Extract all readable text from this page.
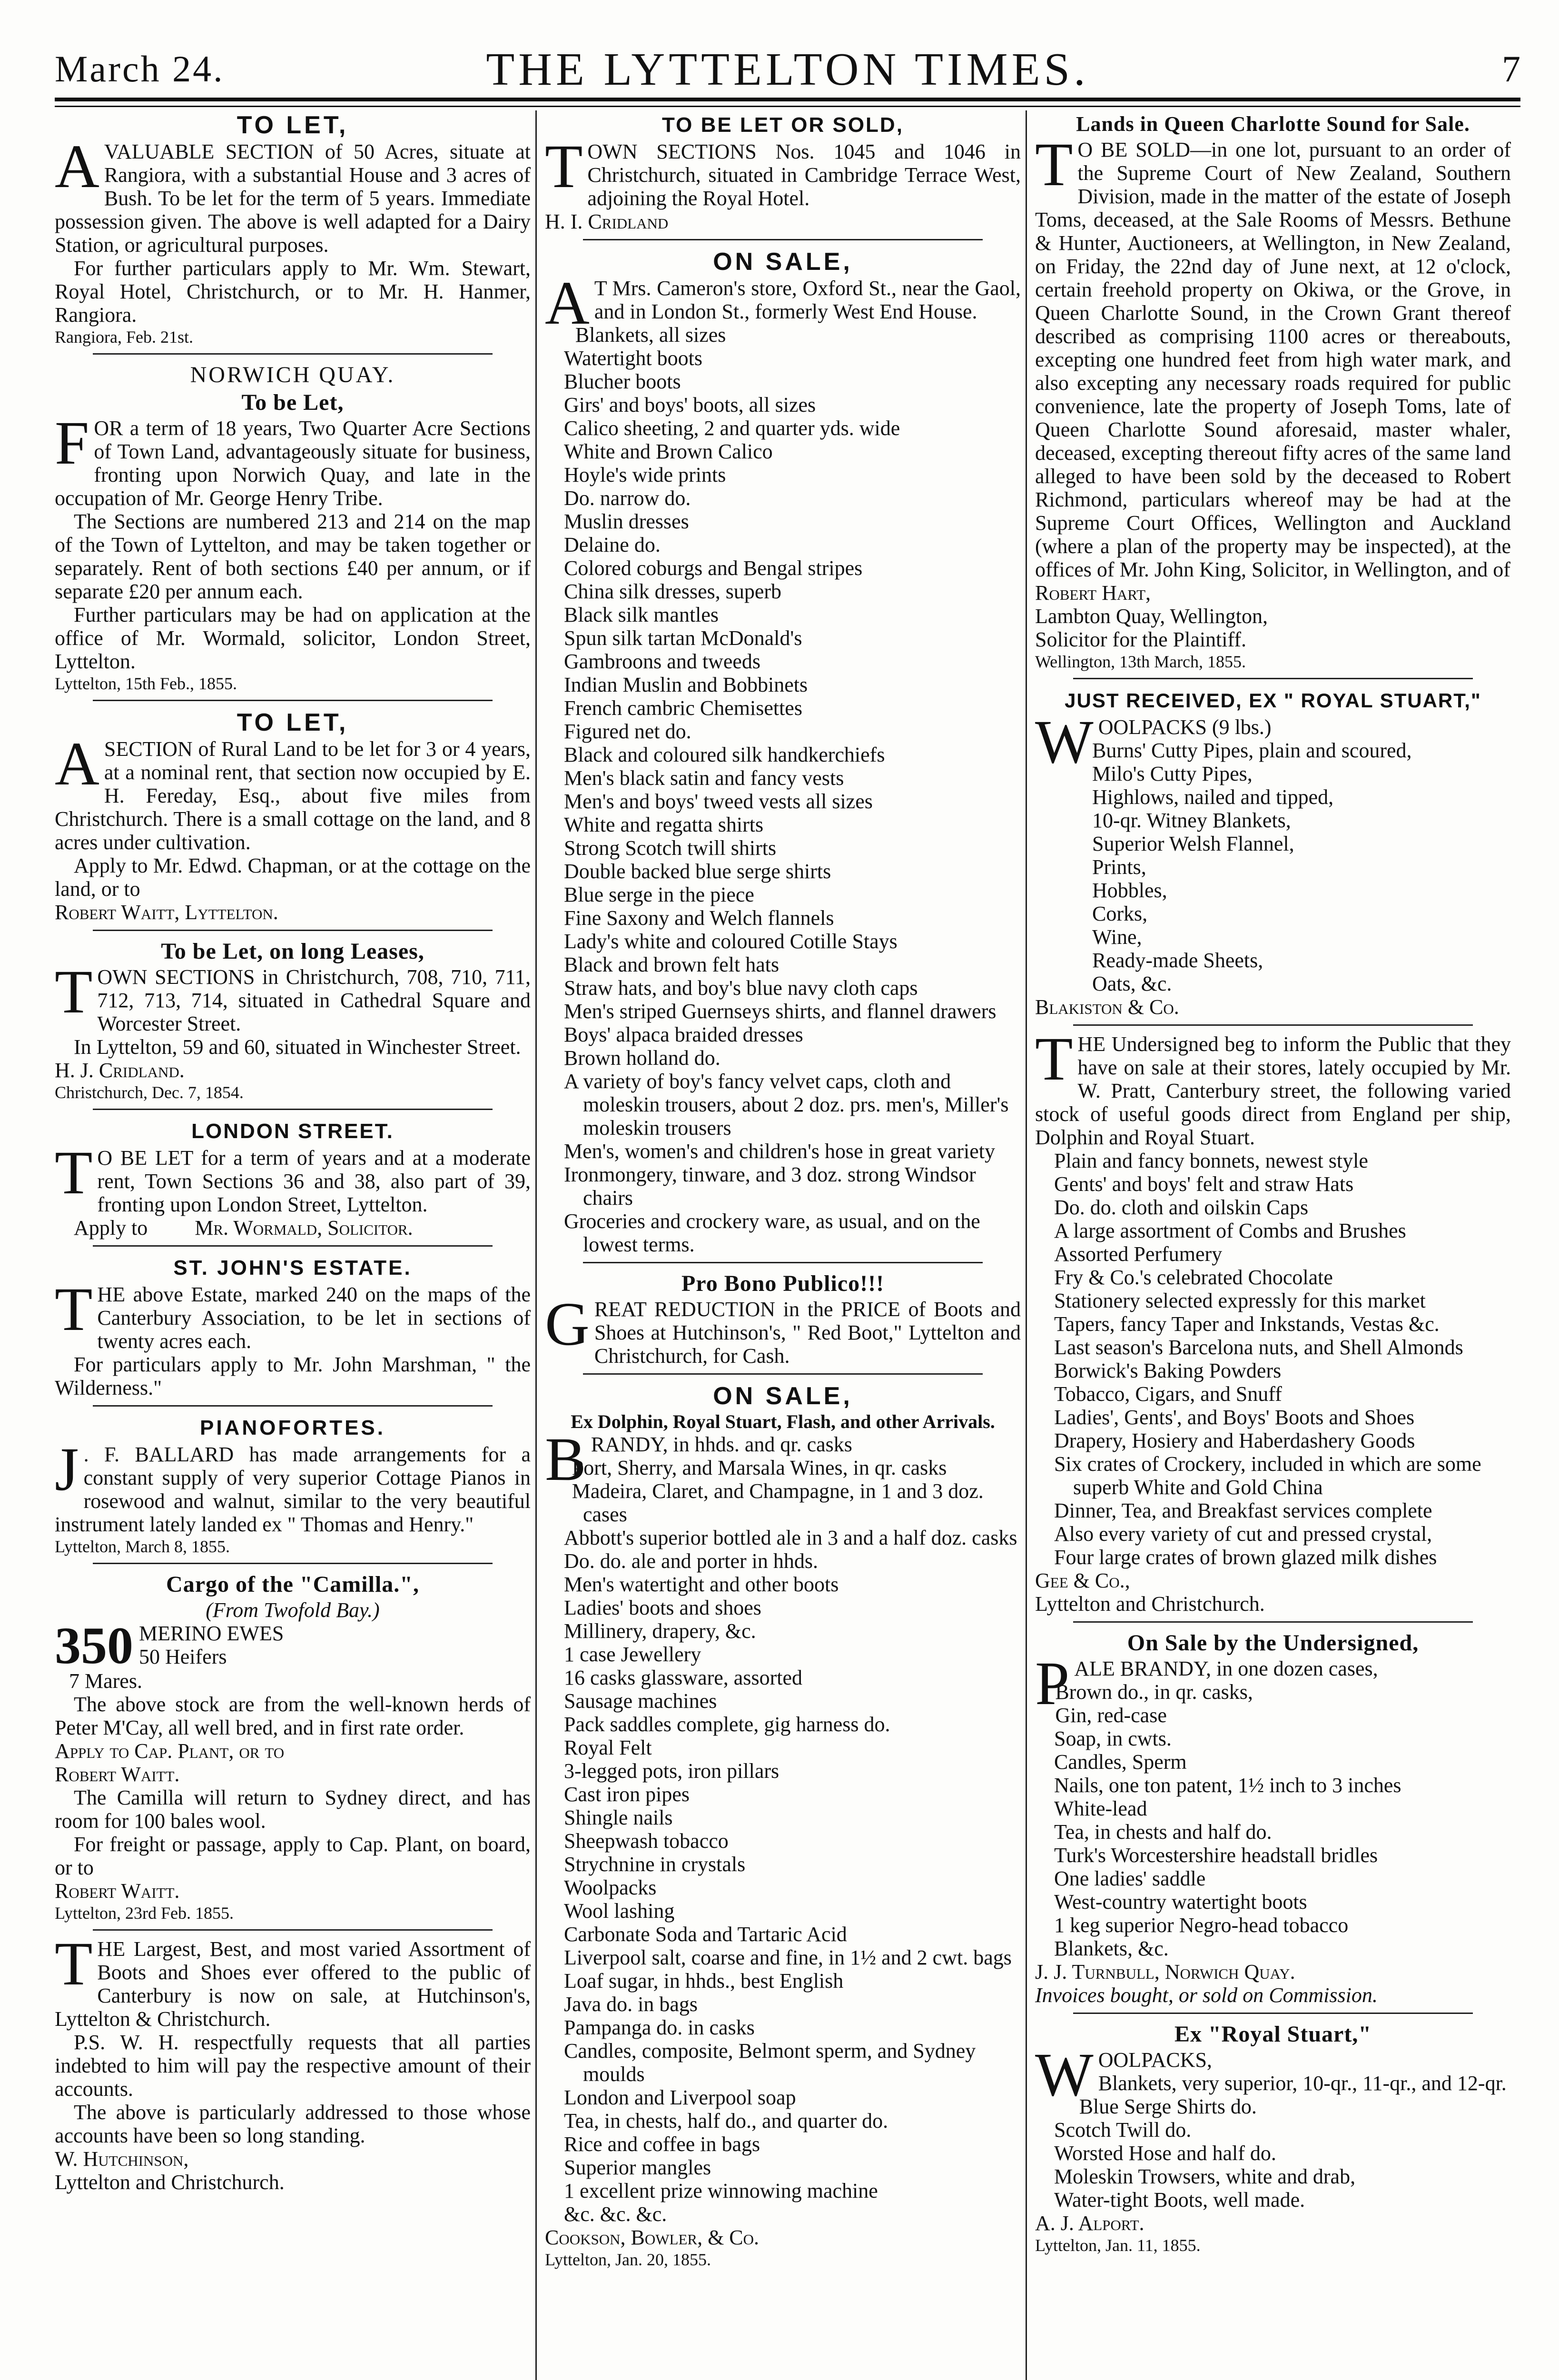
March 24.	THE LYTTELTON TIMES.	7
TO LET,

AVALUABLE SECTION of 50 Acres, situate at Rangiora, with a substantial House and 3 acres of Bush. To be let for the term of 5 years. Immediate possession given. The above is well adapted for a Dairy Station, or agricultural purposes.

For further particulars apply to Mr. Wm. Stewart, Royal Hotel, Christchurch, or to Mr. H. Hanmer, Rangiora.

Rangiora, Feb. 21st.

NORWICH QUAY.
To be Let,

FOR a term of 18 years, Two Quarter Acre Sections of Town Land, advantageously situate for business, fronting upon Norwich Quay, and late in the occupation of Mr. George Henry Tribe.

The Sections are numbered 213 and 214 on the map of the Town of Lyttelton, and may be taken together or separately. Rent of both sections £40 per annum, or if separate £20 per annum each.

Further particulars may be had on application at the office of Mr. Wormald, solicitor, London Street, Lyttelton.

Lyttelton, 15th Feb., 1855.

TO LET,

ASECTION of Rural Land to be let for 3 or 4 years, at a nominal rent, that section now occupied by E. H. Fereday, Esq., about five miles from Christchurch. There is a small cottage on the land, and 8 acres under cultivation.

Apply to Mr. Edwd. Chapman, or at the cottage on the land, or to

Robert Waitt, Lyttelton.

To be Let, on long Leases,

TOWN SECTIONS in Christchurch, 708, 710, 711, 712, 713, 714, situated in Cathedral Square and Worcester Street.

In Lyttelton, 59 and 60, situated in Winchester Street.

H. J. Cridland.

Christchurch, Dec. 7, 1854.

LONDON STREET.

T O BE LET for a term of years and at a moderate rent, Town Sections 36 and 38, also part of 39, fronting upon London Street, Lyttelton.

Apply to Mr. Wormald, Solicitor.

ST. JOHN'S ESTATE.

THE above Estate, marked 240 on the maps of the Canterbury Association, to be let in sections of twenty acres each.

For particulars apply to Mr. John Marshman, " the Wilderness."

PIANOFORTES.

J . F. BALLARD has made arrangements for a constant supply of very superior Cottage Pianos in rosewood and walnut, similar to the very beautiful instrument lately landed ex " Thomas and Henry."

Lyttelton, March 8, 1855.

Cargo of the "Camilla.",
(From Twofold Bay.)
350 MERINO EWES
50 Heifers
7 Mares.

The above stock are from the well-known herds of Peter M'Cay, all well bred, and in first rate order.

Apply to Cap. Plant, or to

Robert Waitt.

The Camilla will return to Sydney direct, and has room for 100 bales wool.

For freight or passage, apply to Cap. Plant, on board, or to

Robert Waitt.

Lyttelton, 23rd Feb. 1855.

THE Largest, Best, and most varied Assortment of Boots and Shoes ever offered to the public of Canterbury is now on sale, at Hutchinson's, Lyttelton & Christchurch.

P.S. W. H. respectfully requests that all parties indebted to him will pay the respective amount of their accounts.

The above is particularly addressed to those whose accounts have been so long standing.

W. Hutchinson,

Lyttelton and Christchurch.

TO BE LET OR SOLD,

TOWN SECTIONS Nos. 1045 and 1046 in Christchurch, situated in Cambridge Terrace West, adjoining the Royal Hotel.

H. I. Cridland

ON SALE,

A T Mrs. Cameron's store, Oxford St., near the Gaol, and in London St., formerly West End House.

Blankets, all sizes
Watertight boots
Blucher boots
Girs' and boys' boots, all sizes
Calico sheeting, 2 and quarter yds. wide
White and Brown Calico
Hoyle's wide prints
Do. narrow do.
Muslin dresses
Delaine do.
Colored coburgs and Bengal stripes
China silk dresses, superb
Black silk mantles
Spun silk tartan McDonald's
Gambroons and tweeds
Indian Muslin and Bobbinets
French cambric Chemisettes
Figured net do.
Black and coloured silk handkerchiefs
Men's black satin and fancy vests
Men's and boys' tweed vests all sizes
White and regatta shirts
Strong Scotch twill shirts
Double backed blue serge shirts
Blue serge in the piece
Fine Saxony and Welch flannels
Lady's white and coloured Cotille Stays
Black and brown felt hats
Straw hats, and boy's blue navy cloth caps
Men's striped Guernseys shirts, and flannel drawers
Boys' alpaca braided dresses
Brown holland do.
A variety of boy's fancy velvet caps, cloth and moleskin trousers, about 2 doz. prs. men's, Miller's moleskin trousers
Men's, women's and children's hose in great variety
Ironmongery, tinware, and 3 doz. strong Windsor chairs
Groceries and crockery ware, as usual, and on the lowest terms.
Pro Bono Publico!!!

GREAT REDUCTION in the PRICE of Boots and Shoes at Hutchinson's, " Red Boot," Lyttelton and Christchurch, for Cash.

ON SALE,
Ex Dolphin, Royal Stuart, Flash, and other Arrivals.

BRANDY, in hhds. and qr. casks

Port, Sherry, and Marsala Wines, in qr. casks
Madeira, Claret, and Champagne, in 1 and 3 doz. cases
Abbott's superior bottled ale in 3 and a half doz. casks
Do. do. ale and porter in hhds.
Men's watertight and other boots
Ladies' boots and shoes
Millinery, drapery, &c.
1 case Jewellery
16 casks glassware, assorted
Sausage machines
Pack saddles complete, gig harness do.
Royal Felt
3-legged pots, iron pillars
Cast iron pipes
Shingle nails
Sheepwash tobacco
Strychnine in crystals
Woolpacks
Wool lashing
Carbonate Soda and Tartaric Acid
Liverpool salt, coarse and fine, in 1½ and 2 cwt. bags
Loaf sugar, in hhds., best English
Java do. in bags
Pampanga do. in casks
Candles, composite, Belmont sperm, and Sydney moulds
London and Liverpool soap
Tea, in chests, half do., and quarter do.
Rice and coffee in bags
Superior mangles
1 excellent prize winnowing machine
&c. &c. &c.

Cookson, Bowler, & Co.

Lyttelton, Jan. 20, 1855.

Lands in Queen Charlotte Sound for Sale.

T O BE SOLD—in one lot, pursuant to an order of the Supreme Court of New Zealand, Southern Division, made in the matter of the estate of Joseph Toms, deceased, at the Sale Rooms of Messrs. Bethune & Hunter, Auctioneers, at Wellington, in New Zealand, on Friday, the 22nd day of June next, at 12 o'clock, certain freehold property on Okiwa, or the Grove, in Queen Charlotte Sound, in the Crown Grant thereof described as comprising 1100 acres or thereabouts, excepting one hundred feet from high water mark, and also excepting any necessary roads required for public convenience, late the property of Joseph Toms, late of Queen Charlotte Sound aforesaid, master whaler, deceased, excepting thereout fifty acres of the same land alleged to have been sold by the deceased to Robert Richmond, particulars whereof may be had at the Supreme Court Offices, Wellington and Auckland (where a plan of the property may be inspected), at the offices of Mr. John King, Solicitor, in Wellington, and of

Robert Hart,

Lambton Quay, Wellington,

Solicitor for the Plaintiff.

Wellington, 13th March, 1855.

JUST RECEIVED, EX " ROYAL STUART,"

WOOLPACKS (9 lbs.)

Burns' Cutty Pipes, plain and scoured,
Milo's Cutty Pipes,
Highlows, nailed and tipped,
10-qr. Witney Blankets,
Superior Welsh Flannel,
Prints,
Hobbles,
Corks,
Wine,
Ready-made Sheets,
Oats, &c.

Blakiston & Co.

THE Undersigned beg to inform the Public that they have on sale at their stores, lately occupied by Mr. W. Pratt, Canterbury street, the following varied stock of useful goods direct from England per ship, Dolphin and Royal Stuart.

Plain and fancy bonnets, newest style
Gents' and boys' felt and straw Hats
Do. do. cloth and oilskin Caps
A large assortment of Combs and Brushes
Assorted Perfumery
Fry & Co.'s celebrated Chocolate
Stationery selected expressly for this market
Tapers, fancy Taper and Inkstands, Vestas &c.
Last season's Barcelona nuts, and Shell Almonds
Borwick's Baking Powders
Tobacco, Cigars, and Snuff
Ladies', Gents', and Boys' Boots and Shoes
Drapery, Hosiery and Haberdashery Goods
Six crates of Crockery, included in which are some superb White and Gold China
Dinner, Tea, and Breakfast services complete
Also every variety of cut and pressed crystal,
Four large crates of brown glazed milk dishes

Gee & Co.,

Lyttelton and Christchurch.

On Sale by the Undersigned,

PALE BRANDY, in one dozen cases,

Brown do., in qr. casks,
Gin, red-case
Soap, in cwts.
Candles, Sperm
Nails, one ton patent, 1½ inch to 3 inches
White-lead
Tea, in chests and half do.
Turk's Worcestershire headstall bridles
One ladies' saddle
West-country watertight boots
1 keg superior Negro-head tobacco
Blankets, &c.

J. J. Turnbull, Norwich Quay.

Invoices bought, or sold on Commission.

Ex "Royal Stuart,"

WOOLPACKS,

Blankets, very superior, 10-qr., 11-qr., and 12-qr.

Blue Serge Shirts do.
Scotch Twill do.
Worsted Hose and half do.
Moleskin Trowsers, white and drab,
Water-tight Boots, well made.

A. J. Alport.

Lyttelton, Jan. 11, 1855.
